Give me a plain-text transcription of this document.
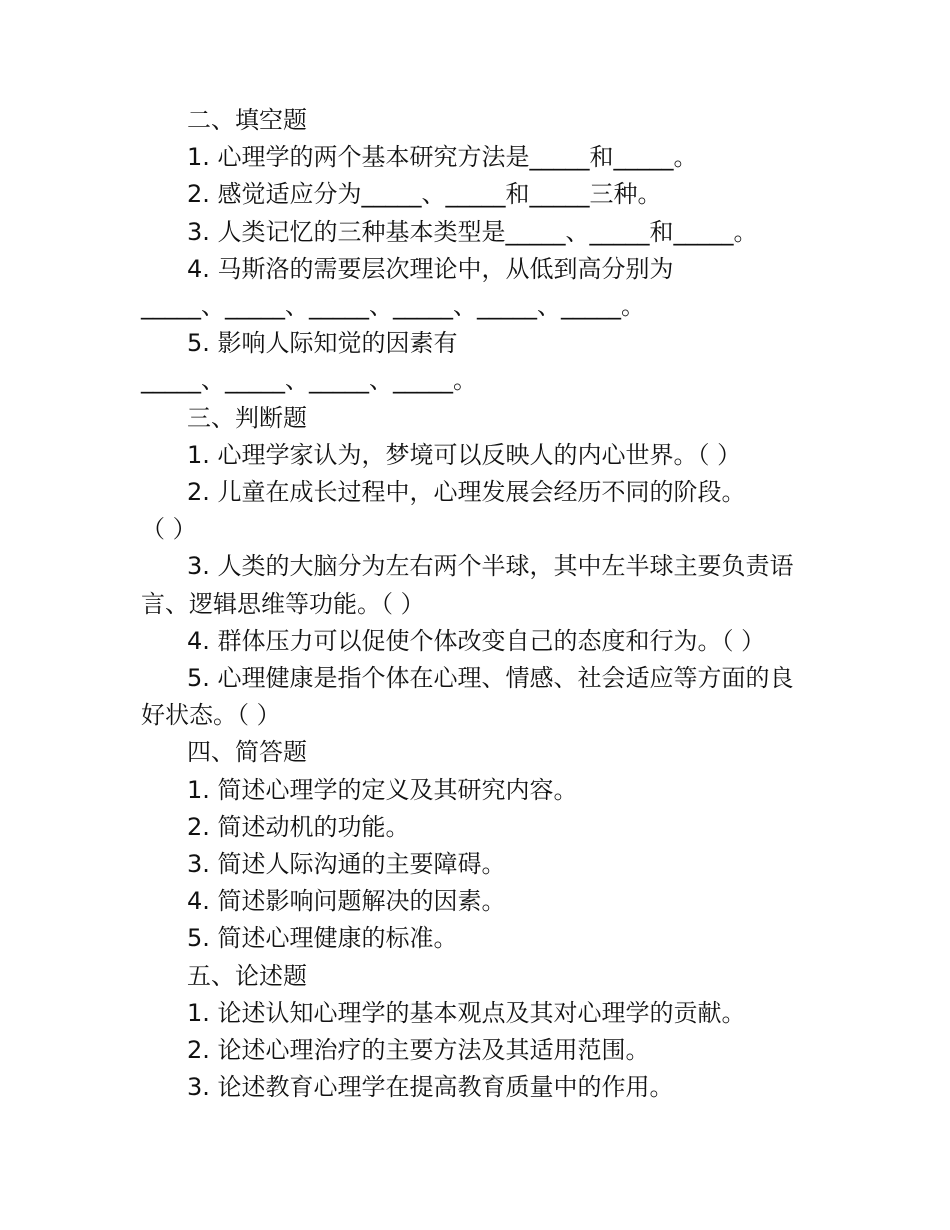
二、填空题

1. 心理学的两个基本研究方法是_____和_____。

2. 感觉适应分为_____、_____和_____三种。

3. 人类记忆的三种基本类型是_____、_____和_____。

4. 马斯洛的需要层次理论中，从低到高分别为

_____、_____、_____、_____、_____、_____。

5. 影响人际知觉的因素有

_____、_____、_____、_____。

三、判断题

1. 心理学家认为，梦境可以反映人的内心世界。（ ）

2. 儿童在成长过程中，心理发展会经历不同的阶段。

（ ）

3. 人类的大脑分为左右两个半球，其中左半球主要负责语

言、逻辑思维等功能。（ ）

4. 群体压力可以促使个体改变自己的态度和行为。（ ）

5. 心理健康是指个体在心理、情感、社会适应等方面的良

好状态。（ ）

四、简答题

1. 简述心理学的定义及其研究内容。

2. 简述动机的功能。

3. 简述人际沟通的主要障碍。

4. 简述影响问题解决的因素。

5. 简述心理健康的标准。

五、论述题

1. 论述认知心理学的基本观点及其对心理学的贡献。

2. 论述心理治疗的主要方法及其适用范围。

3. 论述教育心理学在提高教育质量中的作用。
